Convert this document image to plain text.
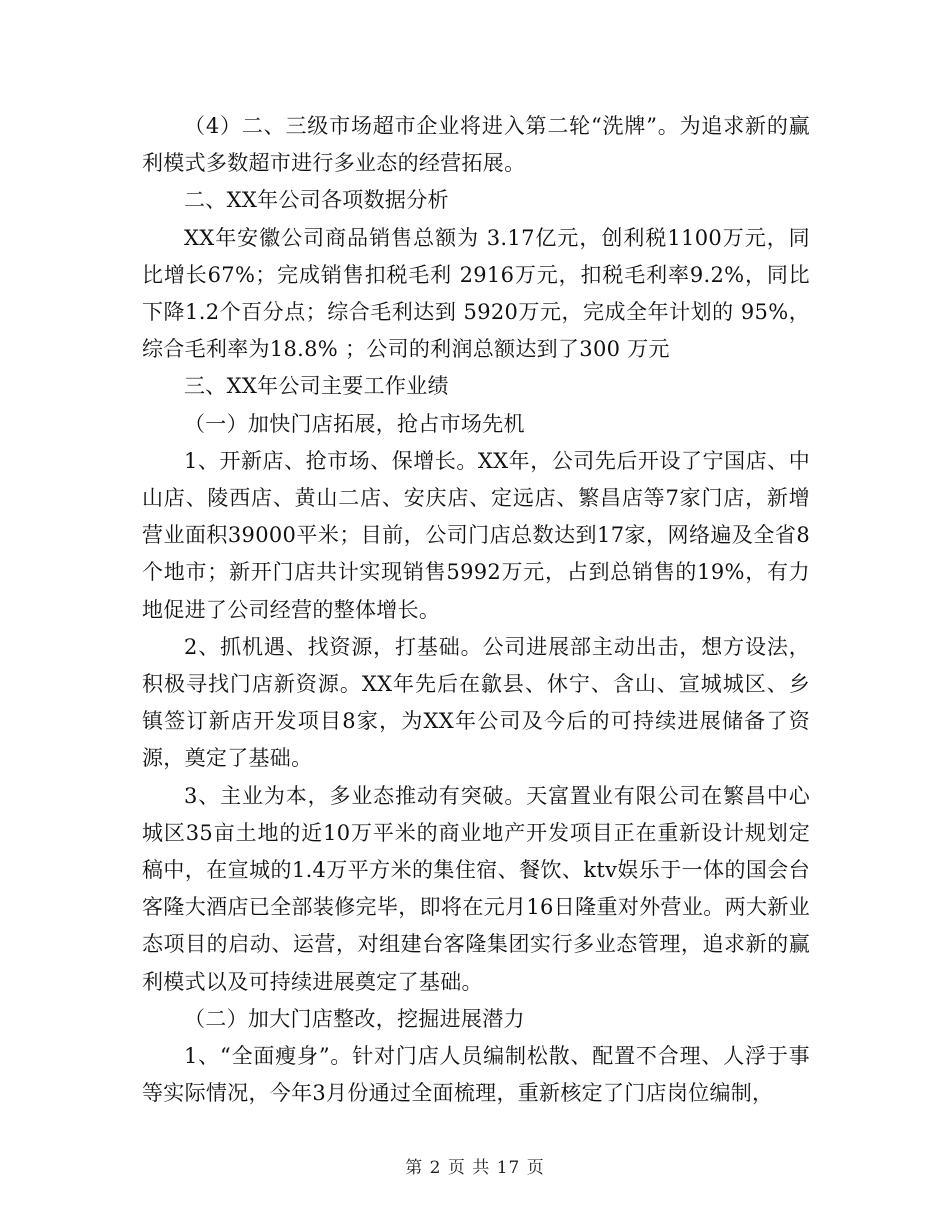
（4）二、三级市场超市企业将进入第二轮“洗牌”。为追求新的赢利模式多数超市进行多业态的经营拓展。

二、XX年公司各项数据分析

XX年安徽公司商品销售总额为 3.17亿元，创利税1100万元，同比增长67%；完成销售扣税毛利 2916万元，扣税毛利率9.2%，同比下降1.2个百分点；综合毛利达到 5920万元，完成全年计划的 95%，综合毛利率为18.8% ；公司的利润总额达到了300 万元

三、XX年公司主要工作业绩

（一）加快门店拓展，抢占市场先机

1、开新店、抢市场、保增长。XX年，公司先后开设了宁国店、中山店、陵西店、黄山二店、安庆店、定远店、繁昌店等7家门店，新增营业面积39000平米；目前，公司门店总数达到17家，网络遍及全省8个地市；新开门店共计实现销售5992万元，占到总销售的19%，有力地促进了公司经营的整体增长。

2、抓机遇、找资源，打基础。公司进展部主动出击，想方设法，积极寻找门店新资源。XX年先后在歙县、休宁、含山、宣城城区、乡镇签订新店开发项目8家，为XX年公司及今后的可持续进展储备了资源，奠定了基础。

3、主业为本，多业态推动有突破。天富置业有限公司在繁昌中心城区35亩土地的近10万平米的商业地产开发项目正在重新设计规划定稿中，在宣城的1.4万平方米的集住宿、餐饮、ktv娱乐于一体的国会台客隆大酒店已全部装修完毕，即将在元月16日隆重对外营业。两大新业态项目的启动、运营，对组建台客隆集团实行多业态管理，追求新的赢利模式以及可持续进展奠定了基础。

（二）加大门店整改，挖掘进展潜力

1、“全面瘦身”。针对门店人员编制松散、配置不合理、人浮于事等实际情况，今年3月份通过全面梳理，重新核定了门店岗位编制，

第 2 页 共 17 页
